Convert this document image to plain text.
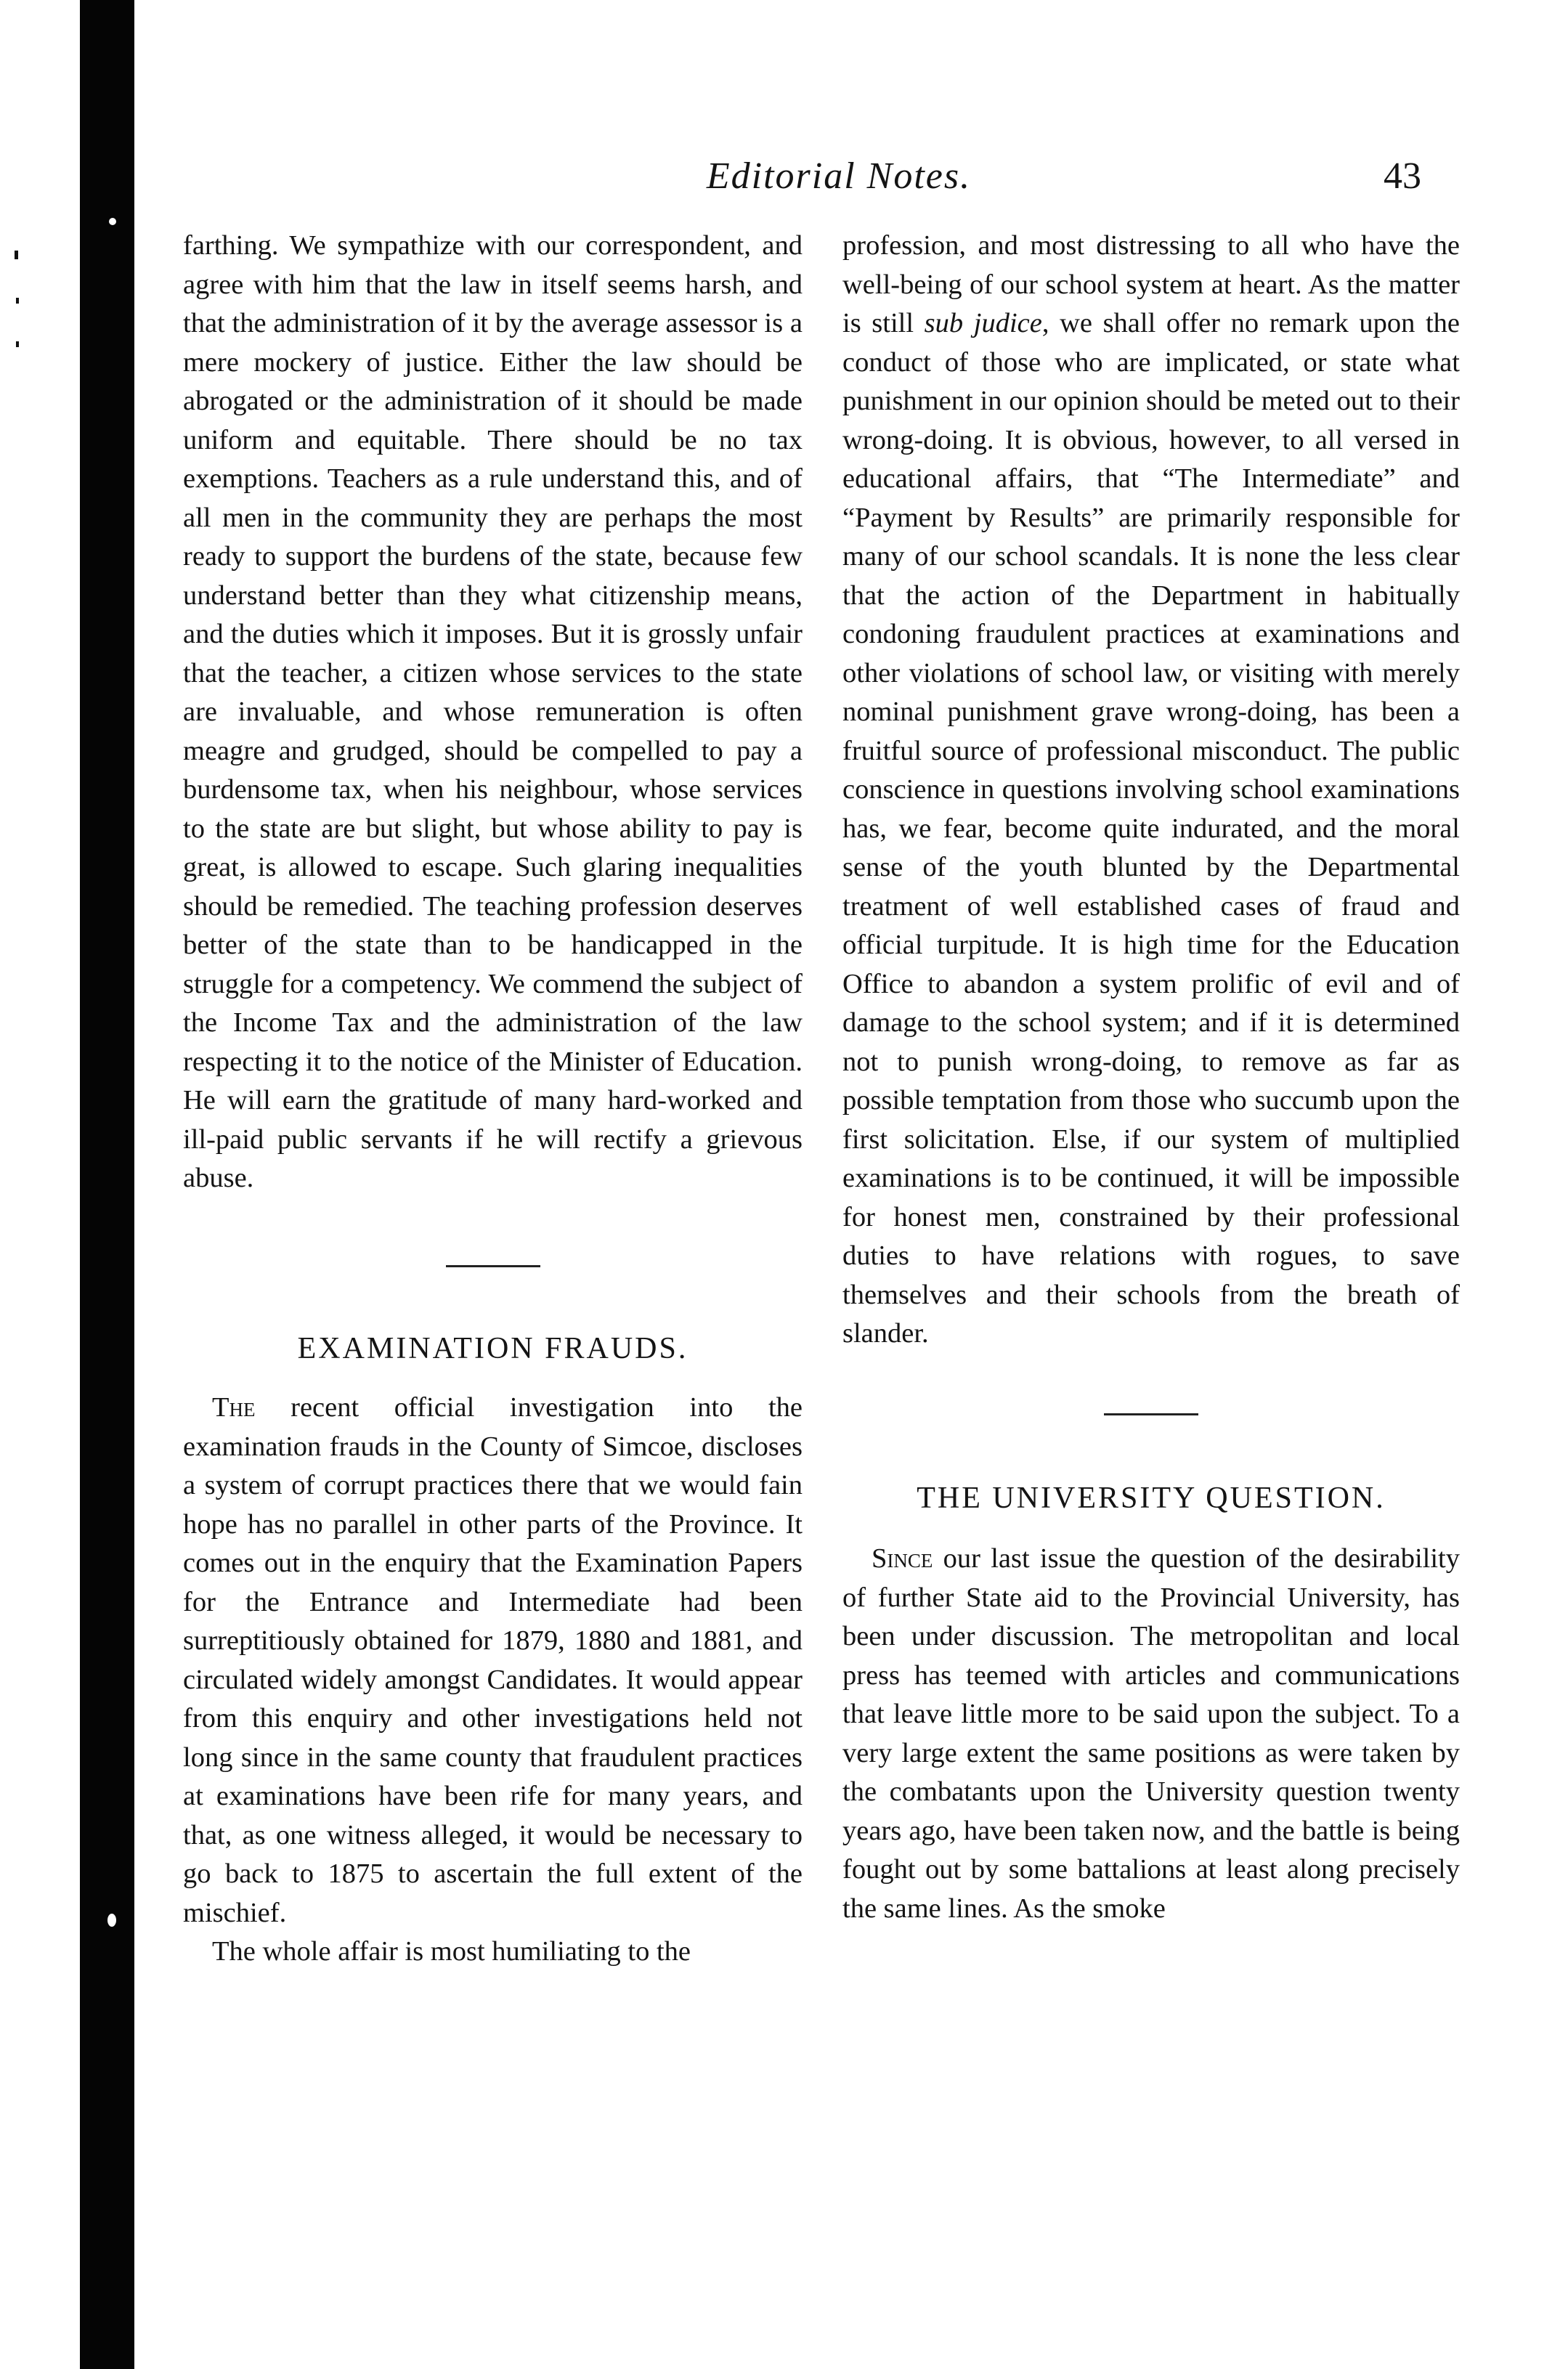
Editorial Notes.	43

farthing. We sympathize with our correspondent, and agree with him that the law in itself seems harsh, and that the administration of it by the average assessor is a mere mockery of justice. Either the law should be abrogated or the administration of it should be made uniform and equitable. There should be no tax exemptions. Teachers as a rule understand this, and of all men in the community they are perhaps the most ready to support the burdens of the state, because few understand better than they what citizenship means, and the duties which it imposes. But it is grossly unfair that the teacher, a citizen whose services to the state are invaluable, and whose remuneration is often meagre and grudged, should be compelled to pay a burdensome tax, when his neighbour, whose services to the state are but slight, but whose ability to pay is great, is allowed to escape. Such glaring inequalities should be remedied. The teaching profession deserves better of the state than to be handicapped in the struggle for a competency. We commend the subject of the Income Tax and the administration of the law respecting it to the notice of the Minister of Education. He will earn the gratitude of many hard-worked and ill-paid public servants if he will rectify a grievous abuse.

EXAMINATION FRAUDS.

The recent official investigation into the examination frauds in the County of Simcoe, discloses a system of corrupt practices there that we would fain hope has no parallel in other parts of the Province. It comes out in the enquiry that the Examination Papers for the Entrance and Intermediate had been surreptitiously obtained for 1879, 1880 and 1881, and circulated widely amongst Candidates. It would appear from this enquiry and other investigations held not long since in the same county that fraudulent practices at examinations have been rife for many years, and that, as one witness alleged, it would be necessary to go back to 1875 to ascertain the full extent of the mischief.

The whole affair is most humiliating to the

profession, and most distressing to all who have the well-being of our school system at heart. As the matter is still sub judice, we shall offer no remark upon the conduct of those who are implicated, or state what punishment in our opinion should be meted out to their wrong-doing. It is obvious, however, to all versed in educational affairs, that “The Intermediate” and “Payment by Results” are primarily responsible for many of our school scandals. It is none the less clear that the action of the Department in habitually condoning fraudulent practices at examinations and other violations of school law, or visiting with merely nominal punishment grave wrong-doing, has been a fruitful source of professional misconduct. The public conscience in questions involving school examinations has, we fear, become quite indurated, and the moral sense of the youth blunted by the Departmental treatment of well established cases of fraud and official turpitude. It is high time for the Education Office to abandon a system prolific of evil and of damage to the school system; and if it is determined not to punish wrong-doing, to remove as far as possible temptation from those who succumb upon the first solicitation. Else, if our system of multiplied examinations is to be continued, it will be impossible for honest men, constrained by their professional duties to have relations with rogues, to save themselves and their schools from the breath of slander.

THE UNIVERSITY QUESTION.

Since our last issue the question of the desirability of further State aid to the Provincial University, has been under discussion. The metropolitan and local press has teemed with articles and communications that leave little more to be said upon the subject. To a very large extent the same positions as were taken by the combatants upon the University question twenty years ago, have been taken now, and the battle is being fought out by some battalions at least along precisely the same lines. As the smoke
